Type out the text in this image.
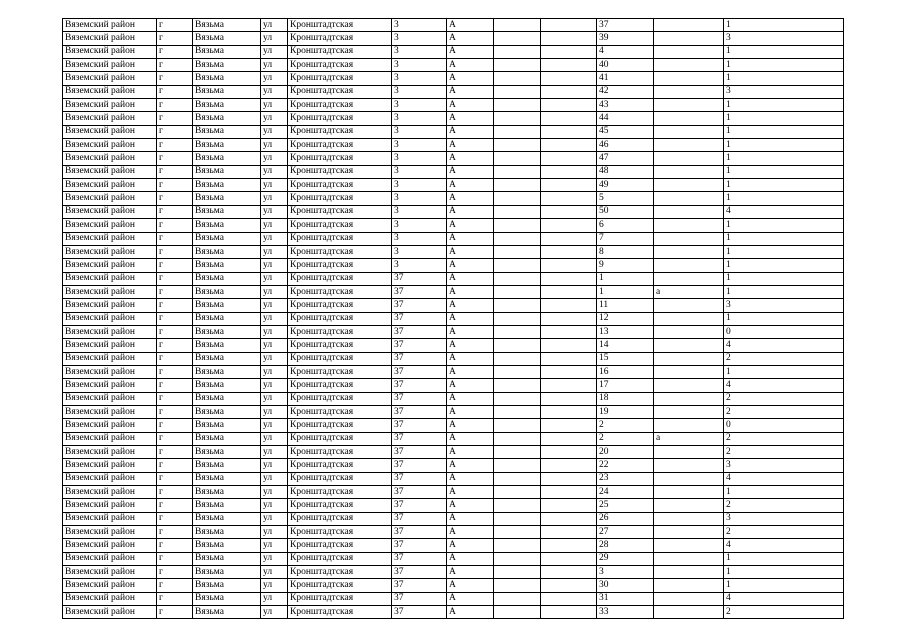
Вяземский район	г	Вязьма	ул	Кронштадтская	3	А			37		1
Вяземский район	г	Вязьма	ул	Кронштадтская	3	А			39		3
Вяземский район	г	Вязьма	ул	Кронштадтская	3	А			4		1
Вяземский район	г	Вязьма	ул	Кронштадтская	3	А			40		1
Вяземский район	г	Вязьма	ул	Кронштадтская	3	А			41		1
Вяземский район	г	Вязьма	ул	Кронштадтская	3	А			42		3
Вяземский район	г	Вязьма	ул	Кронштадтская	3	А			43		1
Вяземский район	г	Вязьма	ул	Кронштадтская	3	А			44		1
Вяземский район	г	Вязьма	ул	Кронштадтская	3	А			45		1
Вяземский район	г	Вязьма	ул	Кронштадтская	3	А			46		1
Вяземский район	г	Вязьма	ул	Кронштадтская	3	А			47		1
Вяземский район	г	Вязьма	ул	Кронштадтская	3	А			48		1
Вяземский район	г	Вязьма	ул	Кронштадтская	3	А			49		1
Вяземский район	г	Вязьма	ул	Кронштадтская	3	А			5		1
Вяземский район	г	Вязьма	ул	Кронштадтская	3	А			50		4
Вяземский район	г	Вязьма	ул	Кронштадтская	3	А			6		1
Вяземский район	г	Вязьма	ул	Кронштадтская	3	А			7		1
Вяземский район	г	Вязьма	ул	Кронштадтская	3	А			8		1
Вяземский район	г	Вязьма	ул	Кронштадтская	3	А			9		1
Вяземский район	г	Вязьма	ул	Кронштадтская	37	А			1		1
Вяземский район	г	Вязьма	ул	Кронштадтская	37	А			1	а	1
Вяземский район	г	Вязьма	ул	Кронштадтская	37	А			11		3
Вяземский район	г	Вязьма	ул	Кронштадтская	37	А			12		1
Вяземский район	г	Вязьма	ул	Кронштадтская	37	А			13		0
Вяземский район	г	Вязьма	ул	Кронштадтская	37	А			14		4
Вяземский район	г	Вязьма	ул	Кронштадтская	37	А			15		2
Вяземский район	г	Вязьма	ул	Кронштадтская	37	А			16		1
Вяземский район	г	Вязьма	ул	Кронштадтская	37	А			17		4
Вяземский район	г	Вязьма	ул	Кронштадтская	37	А			18		2
Вяземский район	г	Вязьма	ул	Кронштадтская	37	А			19		2
Вяземский район	г	Вязьма	ул	Кронштадтская	37	А			2		0
Вяземский район	г	Вязьма	ул	Кронштадтская	37	А			2	а	2
Вяземский район	г	Вязьма	ул	Кронштадтская	37	А			20		2
Вяземский район	г	Вязьма	ул	Кронштадтская	37	А			22		3
Вяземский район	г	Вязьма	ул	Кронштадтская	37	А			23		4
Вяземский район	г	Вязьма	ул	Кронштадтская	37	А			24		1
Вяземский район	г	Вязьма	ул	Кронштадтская	37	А			25		2
Вяземский район	г	Вязьма	ул	Кронштадтская	37	А			26		3
Вяземский район	г	Вязьма	ул	Кронштадтская	37	А			27		2
Вяземский район	г	Вязьма	ул	Кронштадтская	37	А			28		4
Вяземский район	г	Вязьма	ул	Кронштадтская	37	А			29		1
Вяземский район	г	Вязьма	ул	Кронштадтская	37	А			3		1
Вяземский район	г	Вязьма	ул	Кронштадтская	37	А			30		1
Вяземский район	г	Вязьма	ул	Кронштадтская	37	А			31		4
Вяземский район	г	Вязьма	ул	Кронштадтская	37	А			33		2
